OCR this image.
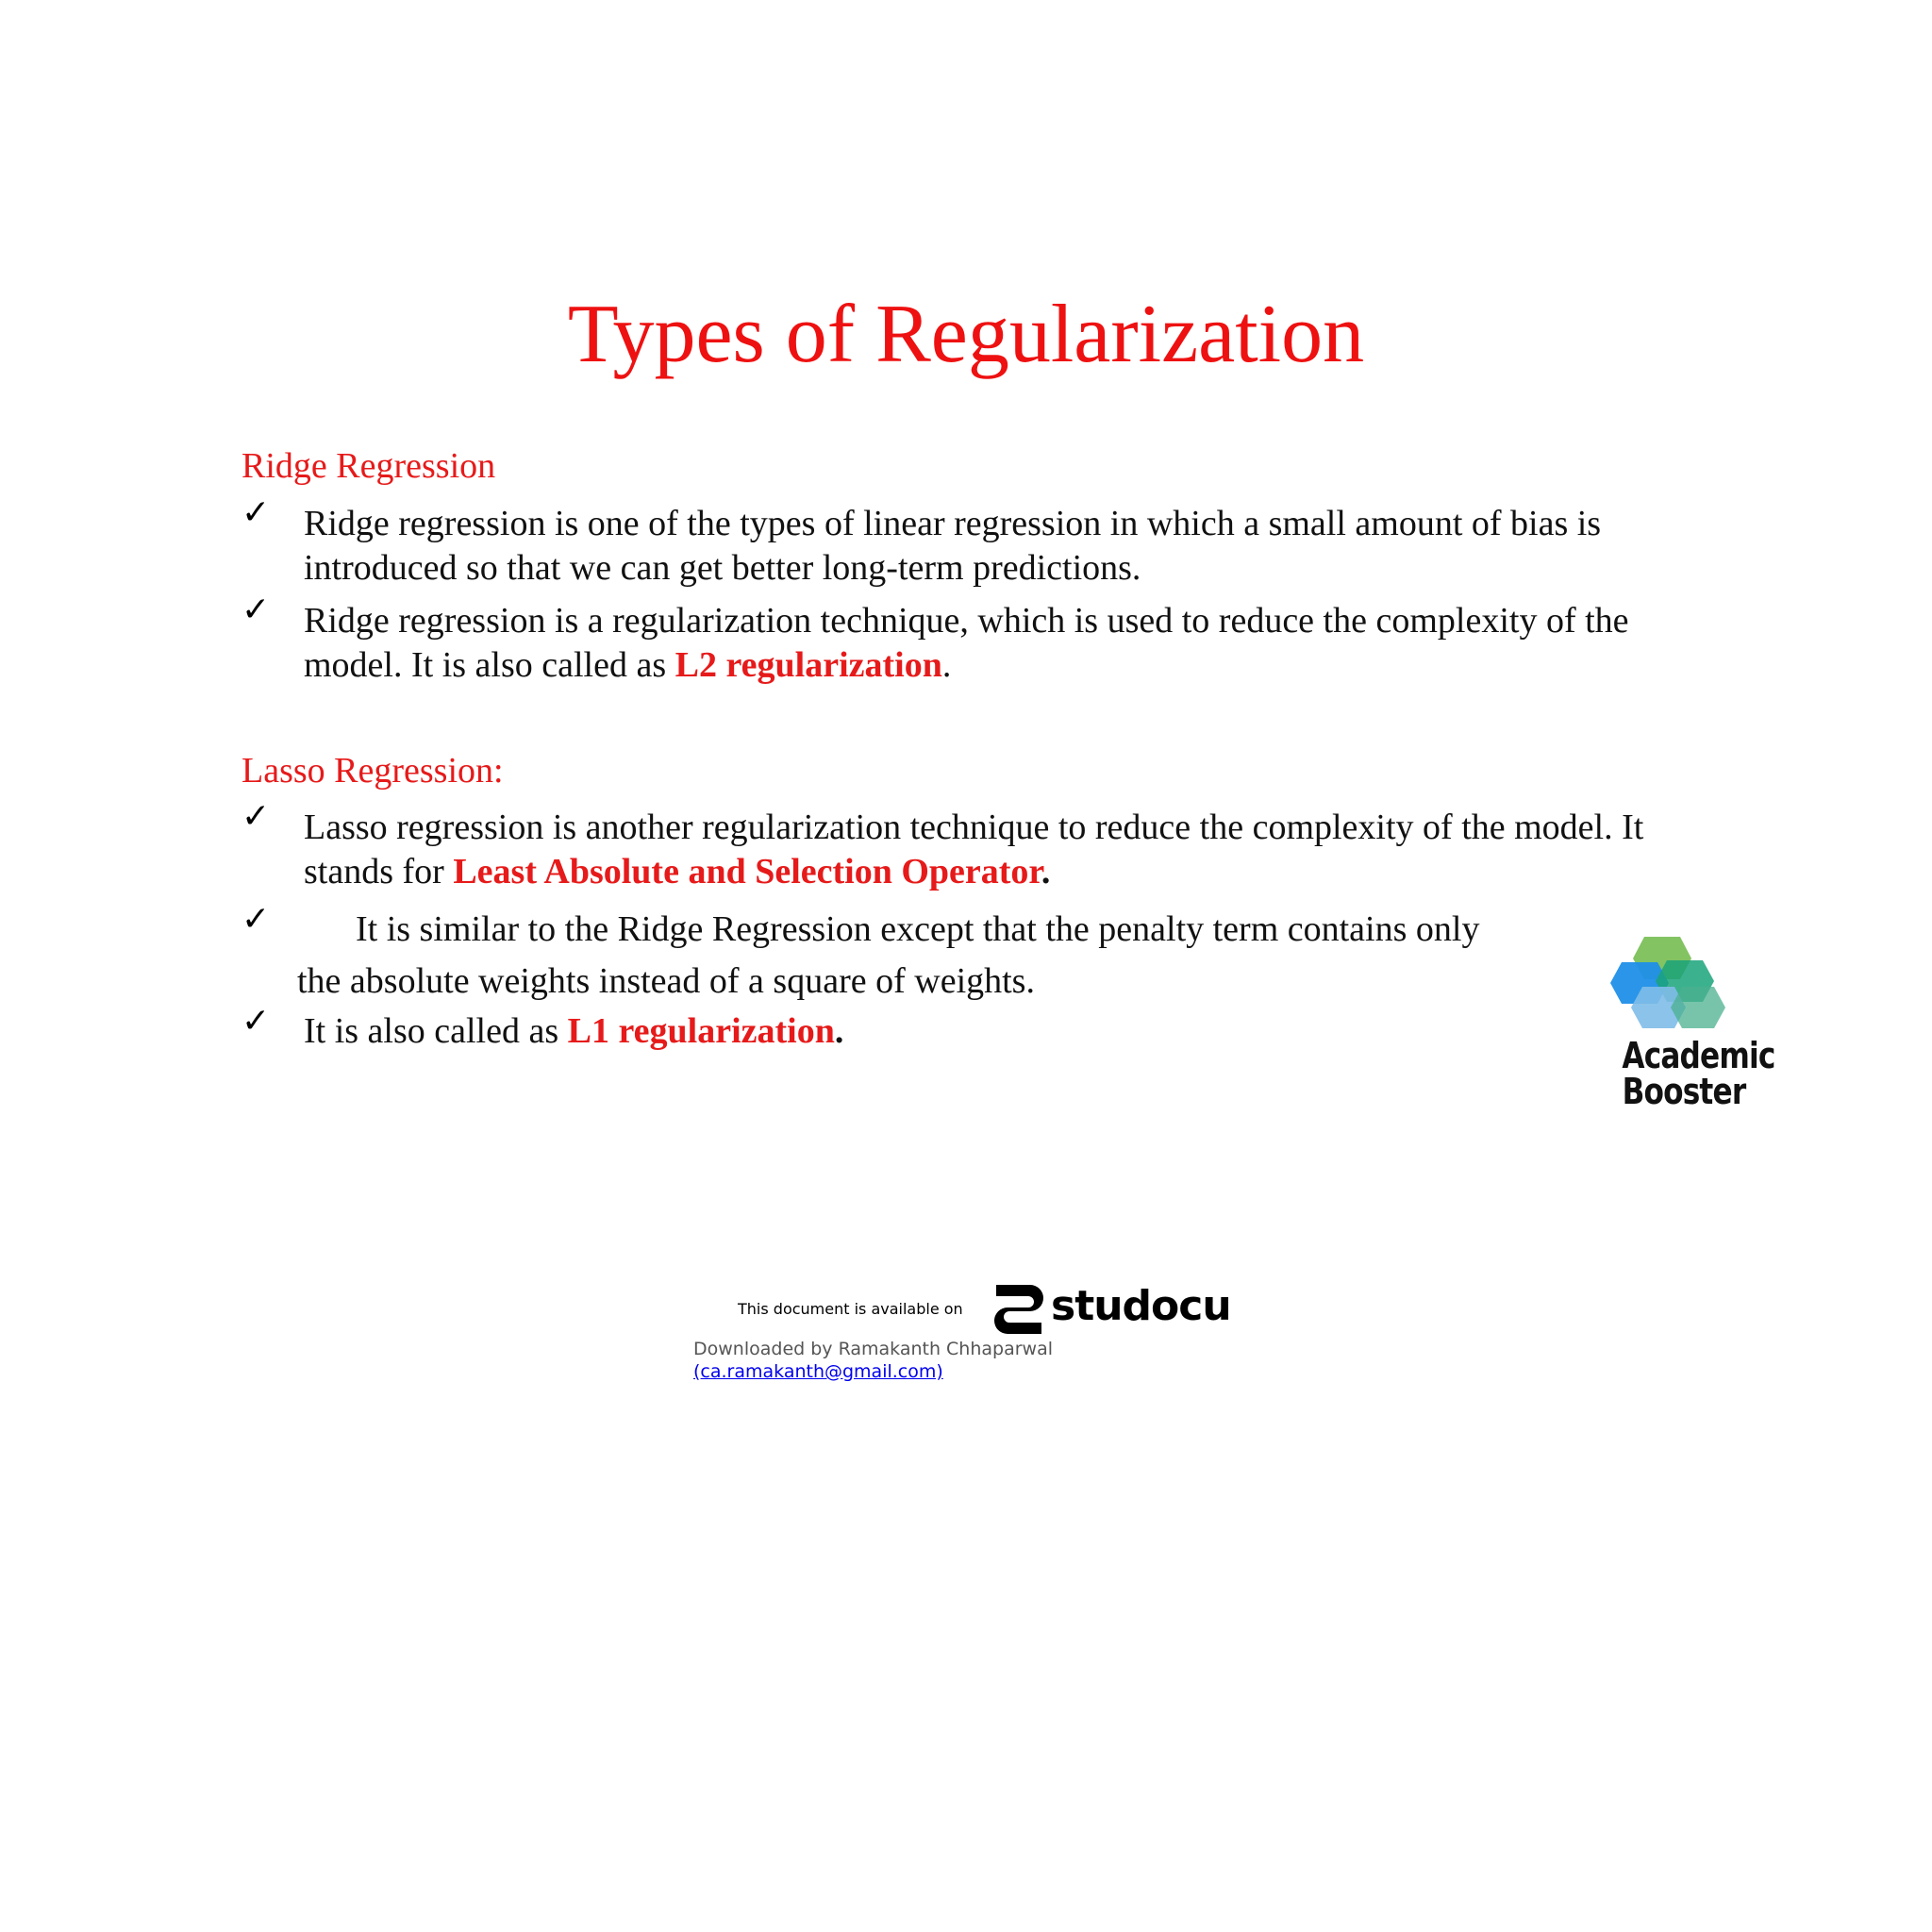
Types of Regularization
Ridge Regression
✓ Ridge regression is one of the types of linear regression in which a small amount of bias is
introduced so that we can get better long-term predictions.
✓ Ridge regression is a regularization technique, which is used to reduce the complexity of the
model. It is also called as L2 regularization.
Lasso Regression:
✓ Lasso regression is another regularization technique to reduce the complexity of the model. It
stands for Least Absolute and Selection Operator.
✓ It is similar to the Ridge Regression except that the penalty term contains only
the absolute weights instead of a square of weights.
✓ It is also called as L1 regularization.
Academic
Booster
This document is available on studocu
Downloaded by Ramakanth Chhaparwal
(ca.ramakanth@gmail.com)
